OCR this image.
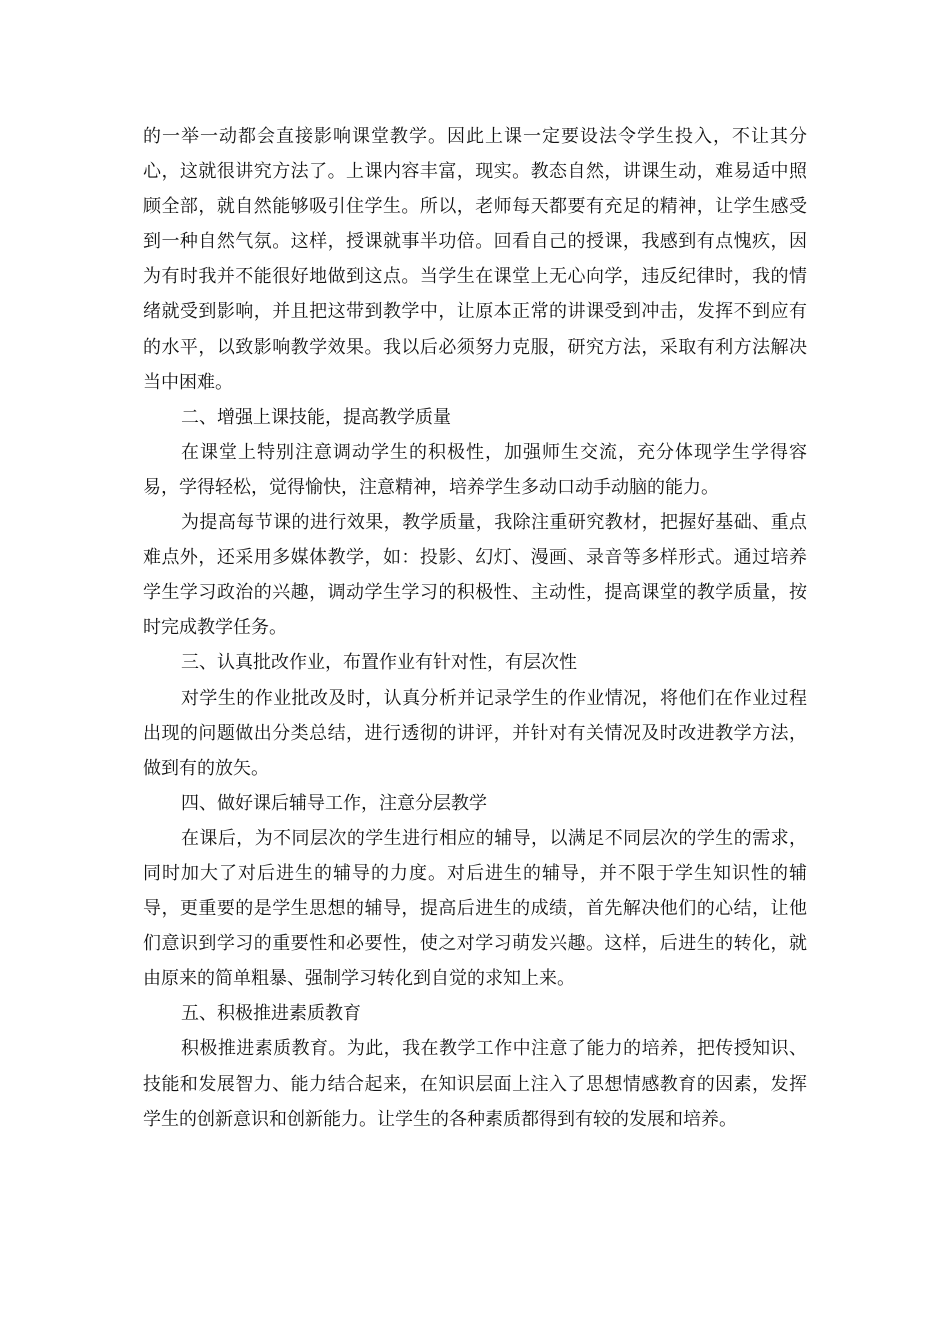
的一举一动都会直接影响课堂教学。因此上课一定要设法令学生投入，不让其分心，这就很讲究方法了。上课内容丰富，现实。教态自然，讲课生动，难易适中照顾全部，就自然能够吸引住学生。所以，老师每天都要有充足的精神，让学生感受到一种自然气氛。这样，授课就事半功倍。回看自己的授课，我感到有点愧疚，因为有时我并不能很好地做到这点。当学生在课堂上无心向学，违反纪律时，我的情绪就受到影响，并且把这带到教学中，让原本正常的讲课受到冲击，发挥不到应有的水平，以致影响教学效果。我以后必须努力克服，研究方法，采取有利方法解决当中困难。

二、增强上课技能，提高教学质量

在课堂上特别注意调动学生的积极性，加强师生交流，充分体现学生学得容易，学得轻松，觉得愉快，注意精神，培养学生多动口动手动脑的能力。

为提高每节课的进行效果，教学质量，我除注重研究教材，把握好基础、重点难点外，还采用多媒体教学，如：投影、幻灯、漫画、录音等多样形式。通过培养学生学习政治的兴趣，调动学生学习的积极性、主动性，提高课堂的教学质量，按时完成教学任务。

三、认真批改作业，布置作业有针对性，有层次性

对学生的作业批改及时，认真分析并记录学生的作业情况，将他们在作业过程出现的问题做出分类总结，进行透彻的讲评，并针对有关情况及时改进教学方法，做到有的放矢。

四、做好课后辅导工作，注意分层教学

在课后，为不同层次的学生进行相应的辅导，以满足不同层次的学生的需求，同时加大了对后进生的辅导的力度。对后进生的辅导，并不限于学生知识性的辅导，更重要的是学生思想的辅导，提高后进生的成绩，首先解决他们的心结，让他们意识到学习的重要性和必要性，使之对学习萌发兴趣。这样，后进生的转化，就由原来的简单粗暴、强制学习转化到自觉的求知上来。

五、积极推进素质教育

积极推进素质教育。为此，我在教学工作中注意了能力的培养，把传授知识、技能和发展智力、能力结合起来，在知识层面上注入了思想情感教育的因素，发挥学生的创新意识和创新能力。让学生的各种素质都得到有较的发展和培养。
